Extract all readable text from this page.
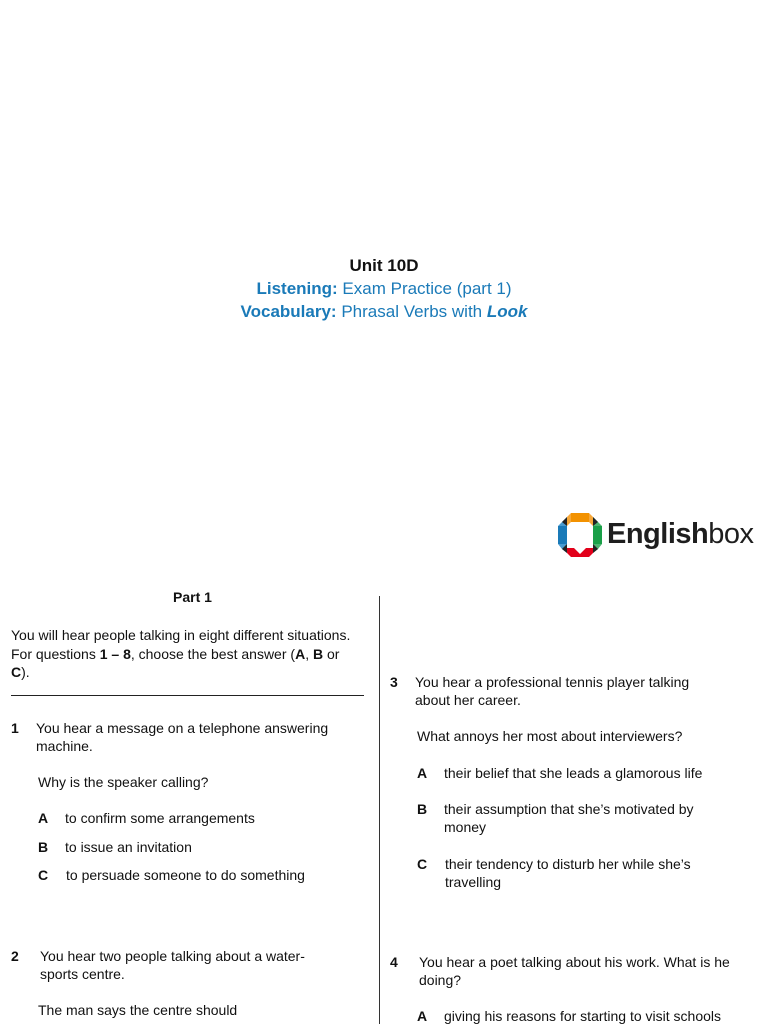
Unit 10D
Listening: Exam Practice (part 1)
Vocabulary: Phrasal Verbs with Look
Englishbox
Part 1
You will hear people talking in eight different situations. For questions 1 – 8, choose the best answer (A, B or C).
1 You hear a message on a telephone answering machine.
Why is the speaker calling?
A to confirm some arrangements
B to issue an invitation
C to persuade someone to do something
2 You hear two people talking about a water-sports centre.
The man says the centre should
3 You hear a professional tennis player talking about her career.
What annoys her most about interviewers?
A their belief that she leads a glamorous life
B their assumption that she’s motivated by money
C their tendency to disturb her while she’s travelling
4 You hear a poet talking about his work. What is he doing?
A giving his reasons for starting to visit schools
